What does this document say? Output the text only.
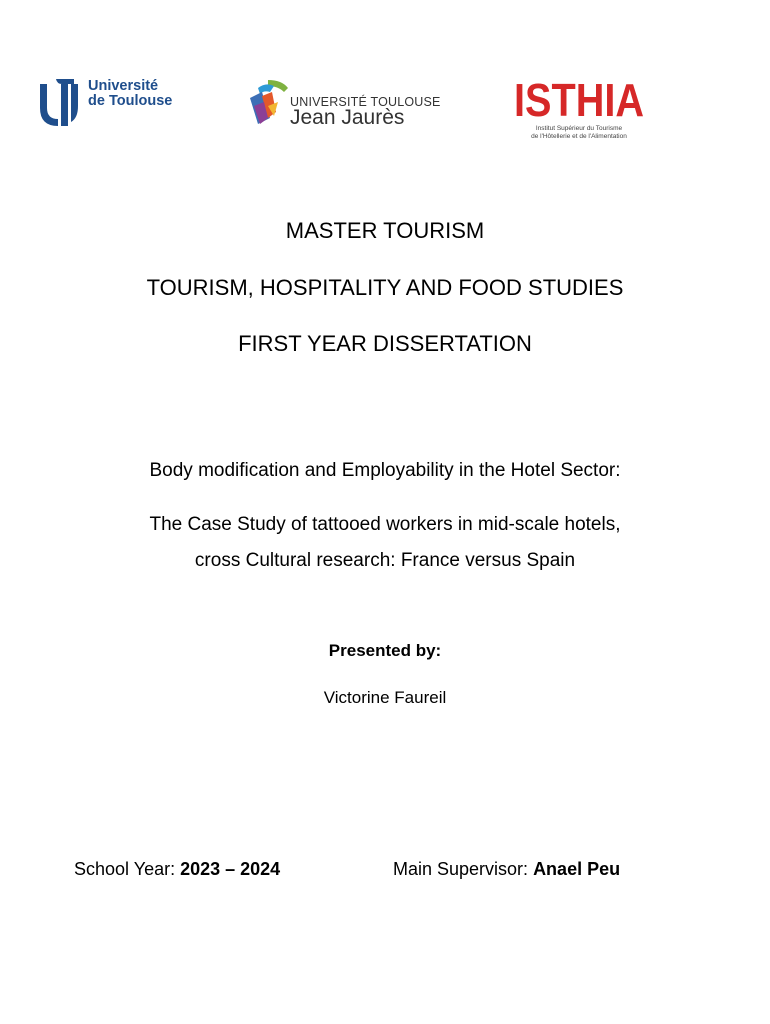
Université
de Toulouse	UNIVERSITÉ TOULOUSE
Jean Jaurès ISTHIA
Institut Supérieur du Tourisme
de l'Hôtellerie et de l'Alimentation
MASTER TOURISM
TOURISM, HOSPITALITY AND FOOD STUDIES
FIRST YEAR DISSERTATION
Body modification and Employability in the Hotel Sector:
The Case Study of tattooed workers in mid-scale hotels,
cross Cultural research: France versus Spain
Presented by:
Victorine Faureil
School Year: 2023 – 2024	Main Supervisor: Anael Peu
